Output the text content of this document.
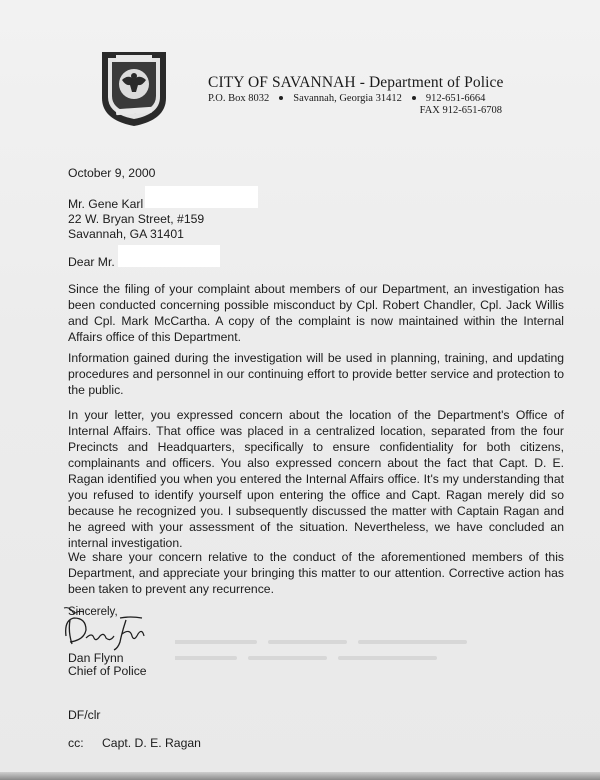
CITY OF SAVANNAH - Department of Police
P.O. Box 8032 Savannah, Georgia 31412 912-651-6664
FAX 912-651-6708
October 9, 2000
Mr. Gene Karl
22 W. Bryan Street, #159
Savannah, GA 31401
Dear Mr.
Since the filing of your complaint about members of our Department, an investigation has been conducted concerning possible misconduct by Cpl. Robert Chandler, Cpl. Jack Willis and Cpl. Mark McCartha. A copy of the complaint is now maintained within the Internal Affairs office of this Department.
Information gained during the investigation will be used in planning, training, and updating procedures and personnel in our continuing effort to provide better service and protection to the public.
In your letter, you expressed concern about the location of the Department's Office of Internal Affairs. That office was placed in a centralized location, separated from the four Precincts and Headquarters, specifically to ensure confidentiality for both citizens, complainants and officers. You also expressed concern about the fact that Capt. D. E. Ragan identified you when you entered the Internal Affairs office. It's my understanding that you refused to identify yourself upon entering the office and Capt. Ragan merely did so because he recognized you. I subsequently discussed the matter with Captain Ragan and he agreed with your assessment of the situation. Nevertheless, we have concluded an internal investigation.
We share your concern relative to the conduct of the aforementioned members of this Department, and appreciate your bringing this matter to our attention. Corrective action has been taken to prevent any recurrence.
Sincerely,
Dan Flynn
Chief of Police
DF/clr
cc: Capt. D. E. Ragan
